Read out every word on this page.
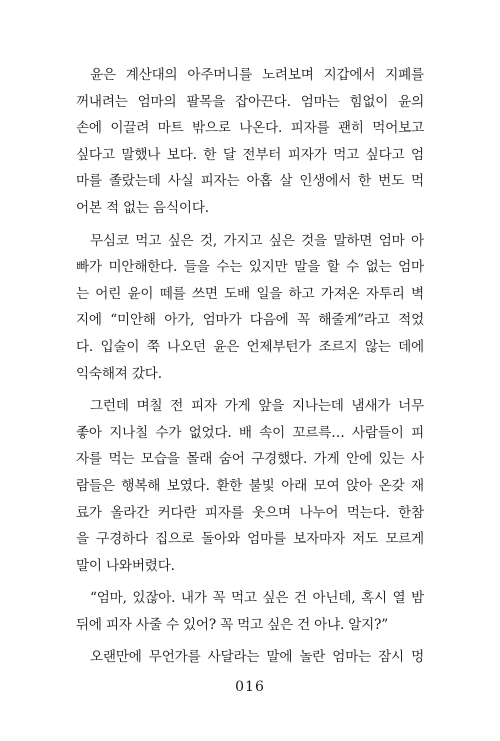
윤은 계산대의 아주머니를 노려보며 지갑에서 지폐를
꺼내려는 엄마의 팔목을 잡아끈다. 엄마는 힘없이 윤의
손에 이끌려 마트 밖으로 나온다. 피자를 괜히 먹어보고
싶다고 말했나 보다. 한 달 전부터 피자가 먹고 싶다고 엄
마를 졸랐는데 사실 피자는 아홉 살 인생에서 한 번도 먹
어본 적 없는 음식이다.
무심코 먹고 싶은 것, 가지고 싶은 것을 말하면 엄마 아
빠가 미안해한다. 들을 수는 있지만 말을 할 수 없는 엄마
는 어린 윤이 떼를 쓰면 도배 일을 하고 가져온 자투리 벽
지에 “미안해 아가, 엄마가 다음에 꼭 해줄게”라고 적었
다. 입술이 쭉 나오던 윤은 언제부턴가 조르지 않는 데에
익숙해져 갔다.
그런데 며칠 전 피자 가게 앞을 지나는데 냄새가 너무
좋아 지나칠 수가 없었다. 배 속이 꼬르륵… 사람들이 피
자를 먹는 모습을 몰래 숨어 구경했다. 가게 안에 있는 사
람들은 행복해 보였다. 환한 불빛 아래 모여 앉아 온갖 재
료가 올라간 커다란 피자를 웃으며 나누어 먹는다. 한참
을 구경하다 집으로 돌아와 엄마를 보자마자 저도 모르게
말이 나와버렸다.
“엄마, 있잖아. 내가 꼭 먹고 싶은 건 아닌데, 혹시 열 밤
뒤에 피자 사줄 수 있어? 꼭 먹고 싶은 건 아냐. 알지?”
오랜만에 무언가를 사달라는 말에 놀란 엄마는 잠시 멍
016
